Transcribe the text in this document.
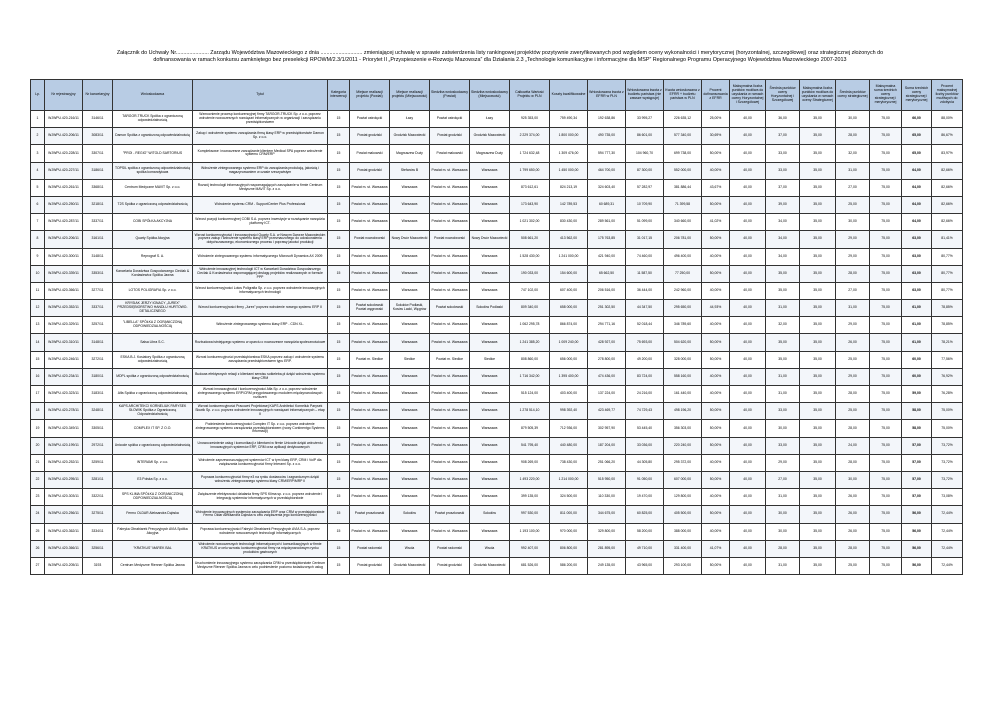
Załącznik do Uchwały Nr...................... Zarządu Województwa Mazowieckiego z dnia ............................ zmieniającej uchwałę w sprawie zatwierdzenia listy rankingowej projektów pozytywnie zweryfikowanych pod względem oceny wykonalności i merytorycznej (horyzontalnej, szczegółowej) oraz strategicznej złożonych do
dofinansowania w ramach konkursu zamkniętego bez preselekcji RPOWM/2.3/1/2011 - Priorytet II „Przyspieszenie e-Rozwoju Mazowsza” dla Działania 2.3 „Technologie komunikacyjne i informacyjne dla MSP” Regionalnego Programu Operacyjnego Województwa Mazowieckiego 2007-2013
Lp.	Nr rejestracyjny	Nr kancelaryjny	Wnioskodawca	Tytuł	Kategoria interwencji	Miejsce realizacji projektu (Powiat)	Miejsce realizacji projektu (Miejscowość)	Siedziba wnioskodawcy (Powiat)	Siedziba wnioskodawcy (Miejscowość)	Całkowita Wartość Projektu w PLN	Koszty kwalifikowalne	Wnioskowana kwota z EFRR w PLN	Wnioskowana kwota z budżetu państwa (nie zawsze występuje)	Kwota wnioskowana z EFRR + budżetu państwa w PLN	Procent dofinansowania z EFRR	Maksymalna liczba punktów możliwa do uzyskania w ramach oceny Horyzontalnej i Szczegółowej	Średnia punktów oceny Horyzontalnej i Szczegółowej	Maksymalna liczba punktów możliwa do uzyskania w ramach oceny Strategicznej	Średnia punktów oceny strategicznej	Maksymalna suma średnich oceny strategicznej i merytorycznej	Suma średnich oceny strategicznej i merytorycznej	Procent maksymalnej liczby punktów możliwych do zdobycia
1	WJWPU.420-216/11	3146/11	TARGOR-TRUCK Spółka z ograniczoną odpowiedzialnością	Wzmocnienie procesp konkurencyjnej firmy TARGOR-TRUCK Sp. z o.o. poprzez wdrożenie nowoczesnych rozwiązań informatycznych w organizacji i zarządzaniu przedsiębiorstwem	15	Powiat ostrołęcki	Łazy	Powiat ostrołęcki	Łazy	925 353,00	759 490,34	192 638,86	33 995,27	226 635,12	25,00%	40,00	36,00	35,00	30,00	75,00	66,00	88,00%
2	WJWPU.420-206/11	3083/11	Damon Spółka z ograniczoną odpowiedzialnością	Zakup i wdrożenie systemu zarządzania firmą klasy ERP w przedsiębiorstwie Damon Sp. z o.o.	15	Powiat grodziski	Grodzisk Mazowiecki	Powiat grodziski	Grodzisk Mazowiecki	2 229 374,00	1 800 000,00	490 735,00	86 601,00	577 340,00	30,69%	40,00	37,00	35,00	28,00	75,00	65,00	86,67%
3	WJWPU.420-228/11	3307/11	"PROI - REGIO" WITOLD SARTORIUS	Kompleksowe i nowoczesne zarządzanie klientem Medical SPA poprzez wdrożenie systemu CRM/ERP	15	Powiat makowski	Magnuszew Duży	Powiat makowski	Magnuszew Duży	1 724 632,48	1 309 476,00	594 777,30	104 960,70	699 738,00	50,00%	40,00	33,00	35,00	32,00	75,00	65,00	83,97%
4	WJWPU.420-227/11	3186/11	TOPSIL spółka z ograniczoną odpowiedzialnością spółka komandytowa	Wdrożenie zintegrowanego systemu ERP do zarządzania produkcją, jakością i magazynowaniem w czasie rzeczywistym	15	Powiat grodziski	Stefanów B	Powiat m. st. Warszawa	Warszawa	1 799 650,00	1 450 000,00	464 700,00	87 300,00	552 000,00	40,00%	40,00	33,00	35,00	31,00	75,00	64,00	82,66%
5	WJWPU.420-261/11	3368/11	Centrum Medyczne MAVIT Sp. z o.o.	Rozwój technologii informacyjnych wspomagających zarządzanie w firmie Centrum Medyczne MAVIT Sp. z o.o.	15	Powiat m. st. Warszawa	Warszawa	Powiat m. st. Warszawa	Warszawa	873 612,61	824 213,19	324 603,40	57 282,97	381 886,44	43,67%	40,00	37,00	35,00	27,00	75,00	64,00	82,66%
6	WJWPU.420-250/11	3218/11	T2S Spółka z ograniczoną odpowiedzialnością	Wdrożenie systemu CRM - SupportCenter Plus Professional	15	Powiat m. st. Warszawa	Warszawa	Powiat m. st. Warszawa	Warszawa	173 643,90	142 789,53	60 689,31	10 709,90	71 399,58	50,00%	40,00	39,00	35,00	25,00	75,00	64,00	82,66%
7	WJWPU.420-287/11	3337/11	COBI SPÓŁKA AKCYJNA	Wzrost pozycji konkurencyjnej COBI S.A. poprzez inwestycje w rozwiązanie narzędzia platformy ICT.	15	Powiat m. st. Warszawa	Warszawa	Powiat m. st. Warszawa	Warszawa	1 021 302,00	830 430,00	289 561,00	51 099,00	340 660,00	41,02%	40,00	34,00	35,00	30,00	75,00	64,00	82,66%
8	WJWPU.420-206/11	3161/11	Quarty Spółka Akcyjna	Wzrost konkurencyjności i innowacyjności Quarty S.A. w Nowym Dworze Mazowieckim poprzez zakup i wdrożenie systemu klasy ERP przeznaczonego do udoskonalenia dotychczasowego, ekonomicznego procesu i poprawy jakości produkcji	15	Powiat nowodworski	Nowy Dwór Mazowiecki	Powiat nowodworski	Nowy Dwór Mazowiecki	508 661,20	413 562,00	175 763,85	31 017,15	206 781,00	50,00%	40,00	34,00	35,00	29,00	75,00	63,00	81,41%
9	WJWPU.420-300/11	3148/11	Reprograf S. A.	Wdrożenie zintegrowanego systemu informatycznego Microsoft Dynamics AX 2009	15	Powiat m. st. Warszawa	Warszawa	Powiat m. st. Warszawa	Warszawa	1 528 430,00	1 241 000,00	421 940,00	74 460,00	496 400,00	40,00%	40,00	34,00	35,00	29,00	75,00	63,00	80,77%
10	WJWPU.420-339/11	3353/11	Kancelaria Doradztwa Gospodarczego Ciećlak & Kordasiewicz Spółka Jawna	Wdrożenie innowacyjnej technologii ICT w Kancelarii Doradztwa Gospodarczego Ciećlak & Kordasiewicz wspomagającej obsługę projektów realizowanych w formule PPP	15	Powiat m. st. Warszawa	Warszawa	Powiat m. st. Warszawa	Warszawa	190 033,00	154 600,00	65 662,50	11 587,50	77 250,00	50,00%	40,00	35,00	35,00	28,00	75,00	63,00	80,77%
11	WJWPU.420-366/11	3277/11	LOTOS POLIGRAFIA Sp. z o.o.	Wzrost konkurencyjności Lotos Poligrafia Sp. z o.o. poprzez wdrożenie innowacyjnych informatycznych technologii	15	Powiat m. st. Warszawa	Warszawa	Powiat m. st. Warszawa	Warszawa	747 102,00	607 400,00	206 516,00	36 444,00	242 960,00	40,00%	40,00	35,00	35,00	27,00	75,00	63,00	80,77%
12	WJWPU.420-352/11	3337/11	KRYSIAK JERZY IGNACY „JUREX” PRZEDSIĘBIORSTWO HANDLU HURTOWO-DETALICZNEGO	Wzrost konkurencyjności firmy „Jurex” poprzez wdrożenie nowego systemu ERP II	15	Powiat sokołowski Powiat węgrowski	Sokołów Podlaski, Kosów Lacki, Węgrów	Powiat sokołowski	Sokołów Podlaski	809 340,00	658 000,00	251 302,50	44 347,50	295 650,00	44,93%	40,00	31,00	35,00	31,00	75,00	61,00	78,85%
13	WJWPU.420-329/11	3257/11	"LIBELLA" SPÓŁKA Z OGRANICZONĄ ODPOWIEDZIALNOŚCIĄ	Wdrożenie zintegrowanego systemu klasy ERP - CDN XL.	15	Powiat m. st. Warszawa	Warszawa	Powiat m. st. Warszawa	Warszawa	1 062 295,78	866 874,00	294 771,16	52 018,44	346 789,60	40,00%	40,00	32,00	35,00	29,00	75,00	61,00	78,85%
14	WJWPU.420-310/11	3148/11	Salsa Libra S.C.	Rozbudowa istniejącego systemu w oparciu o nowoczesne narzędzia społecznościowe	15	Powiat m. st. Warszawa	Warszawa	Powiat m. st. Warszawa	Warszawa	1 241 385,20	1 009 240,00	428 927,00	75 693,00	504 620,00	50,00%	40,00	35,00	35,00	26,00	75,00	61,00	78,21%
15	WJWPU.420-246/11	3272/11	ESKA B.J. Kosiatory Spółka z ograniczoną odpowiedzialnością	Wzrost konkurencyjności przedsiębiorstwa ESKA poprzez zakup i wdrożenie systemu zarządzania przedsiębiorstwem typu ERP.	15	Powiat m. Siedlce	Siedlce	Powiat m. Siedlce	Siedlce	808 860,00	656 000,00	278 800,00	49 200,00	328 000,00	50,00%	40,00	35,00	35,00	25,00	75,00	60,00	77,56%
16	WJWPU.420-234/11	3180/11	MDPL spółka z ograniczoną odpowiedzialnością	Budowa efektywnych relacji z klientami serwisu sotkeleba.pl dzięki wdrożeniu systemu klasy CRM	15	Powiat m. st. Warszawa	Warszawa	Powiat m. st. Warszawa	Warszawa	1 716 342,00	1 395 400,00	474 436,00	83 724,00	558 160,00	40,00%	40,00	31,00	35,00	29,00	75,00	60,00	76,92%
17	WJWPU.420-323/11	3183/11	Alfa Spółka z ograniczoną odpowiedzialnością	Wzrost innowacyjności i konkurencyjności Alfa Sp. z o.o. poprzez wdrożenie zintegrowanego systemu ERP/CRM przygotowanego modułem międzynarodowych rozliczeń	15	Powiat m. st. Warszawa	Warszawa	Powiat m. st. Warszawa	Warszawa	515 124,00	403 400,00	137 224,00	24 216,00	161 440,00	40,00%	40,00	31,00	35,00	28,00	75,00	59,00	76,28%
18	WJWPU.420-278/11	3248/11	KAPS ARCHITEKCI KORNELIUK PARYSEK SŁOWIK Spółka z Ograniczoną Odpowiedzialnością	Wzrost konkurencyjności Pracowni Projektowej KAPS Architekci Korneliuk Parysek Słowik Sp. z o.o. poprzez wdrożenie innowacyjnych rozwiązań informatycznych – etap II	15	Powiat m. st. Warszawa	Warszawa	Powiat m. st. Warszawa	Warszawa	1 278 514,10	998 392,40	423 469,77	74 729,43	498 196,20	50,00%	40,00	33,00	35,00	25,00	75,00	58,00	75,00%
19	WJWPU.420-349/11	3305/11	COMPLEX IT SP. Z O.O.	Podniesienie konkurencyjności Complex IT Sp. z o.o. poprzez wdrożenie zintegrowanego systemu zarządzania przedsiębiorstwem (nowy Continentgo Systems Informacji)	15	Powiat m. st. Warszawa	Warszawa	Powiat m. st. Warszawa	Warszawa	879 505,39	712 936,00	302 957,90	53 445,40	356 303,00	50,00%	40,00	30,00	35,00	28,00	75,00	58,00	75,00%
20	WJWPU.420-199/11	2972/11	Unicode spółka z ograniczoną odpowiedzialnością	Unowocześnienie usług i komunikacji z klientami w firmie Unicode dzięki wdrożeniu innowacyjnych systemów ERP, CRM oraz aplikacji dedykowanych	15	Powiat m. st. Warszawa	Warszawa	Powiat m. st. Warszawa	Warszawa	541 795,40	440 480,00	187 204,00	33 036,00	220 240,00	50,00%	40,00	33,00	35,00	24,00	75,00	57,00	73,72%
21	WJWPU.420-252/11	3259/11	INTERAMI Sp. z o.o.	Wdrożenie zaprzewoszczającymi systemów ICT w tym klasy ERP, CRM i VoIP dla zwiększania konkurencyjności firmy Interami Sp. z o.o.	15	Powiat m. st. Warszawa	Warszawa	Powiat m. st. Warszawa	Warszawa	908 269,00	738 430,00	251 066,20	44 305,80	295 372,00	40,00%	40,00	29,00	35,00	28,00	75,00	57,00	73,72%
22	WJWPU.420-295/11	3281/11	E3 Polska Sp. z o.o.	Poprawa konkurencyjności firmy e3 na rynku dostawców i zagranicznym dzięki wdrożeniu zintegrowanego systemu klasy CRM/ERP/MRP II	15	Powiat m. st. Warszawa	Warszawa	Powiat m. st. Warszawa	Warszawa	1 493 220,00	1 214 000,00	515 950,00	91 050,00	607 000,00	50,00%	40,00	27,00	35,00	30,00	75,00	57,00	73,72%
23	WJWPU.420-303/11	3322/11	SPS KLIMA SPÓŁKA Z OGRANICZONĄ ODPOWIEDZIALNOŚCIĄ	Zwiększenie efektywności działania firmy SPS Klima sp. z o.o. poprzez wdrożenie i integrację systemów informatycznych w przedsiębiorstwie	15	Powiat m. st. Warszawa	Warszawa	Powiat m. st. Warszawa	Warszawa	399 135,00	324 500,00	110 330,00	19 470,00	129 800,00	40,00%	40,00	31,00	35,00	26,00	75,00	57,00	73,08%
24	WJWPU.420-256/11	3275/11	Fermo OLDAR Aleksandra Dąbska	Wdrożenie innowacyjnych systemów zarządzania ERP oraz CRM w przedsiębiorstwie Fermo Oldar Aleksandra Dąbska w celu zwiększenia jego konkurencyjności	15	Powiat pruszkowski	Sokołów	Powiat pruszkowski	Sokołów	997 530,00	811 000,00	344 675,00	60 825,00	405 500,00	50,00%	40,00	30,00	35,00	26,00	75,00	56,00	72,44%
25	WJWPU.420-362/11	3334/11	Fabryka Obrabiarek Precyzyjnych AVIA Spółka Akcyjna	Poprawa konkurencyjności Fabryki Obrabiarek Precyzyjnych AVIA S.A. poprzez wdrożenie nowoczesnych technologii informatycznych	15	Powiat m. st. Warszawa	Warszawa	Powiat m. st. Warszawa	Warszawa	1 193 100,00	970 000,00	329 800,00	58 200,00	388 000,00	40,00%	40,00	30,00	35,00	26,00	75,00	56,00	72,44%
26	WJWPU.420-366/11	3256/11	"KRATKUS" MAREK BAL	Wdrożenie nowoczesnych technologii informatycznych i komunikacyjnych w firmie KRATKUS w celu wzrostu konkurencyjności firmy na międzynarodowym rynku produktów gastrowych	15	Powiat radomski	Wsola	Powiat radomski	Wsola	992 407,00	806 800,00	281 895,00	49 710,00	331 400,00	41,07%	40,00	28,00	35,00	28,00	75,00	56,00	72,44%
27	WJWPU.420-205/11	3193	Centrum Medyczne Rienner Spółka Jawna	Uruchomienie innowacyjnego systemu zarządzania CRM w przedsiębiorstwie Centrum Medyczne Rienner Spółka Jawna w celu podniesienie poziomu świadczonych usług	15	Powiat grodziski	Grodzisk Mazowiecki	Powiat grodziski	Grodzisk Mazowiecki	681 526,00	586 200,00	249 135,00	43 965,00	293 100,00	50,00%	40,00	31,00	35,00	25,00	75,00	56,00	72,44%
